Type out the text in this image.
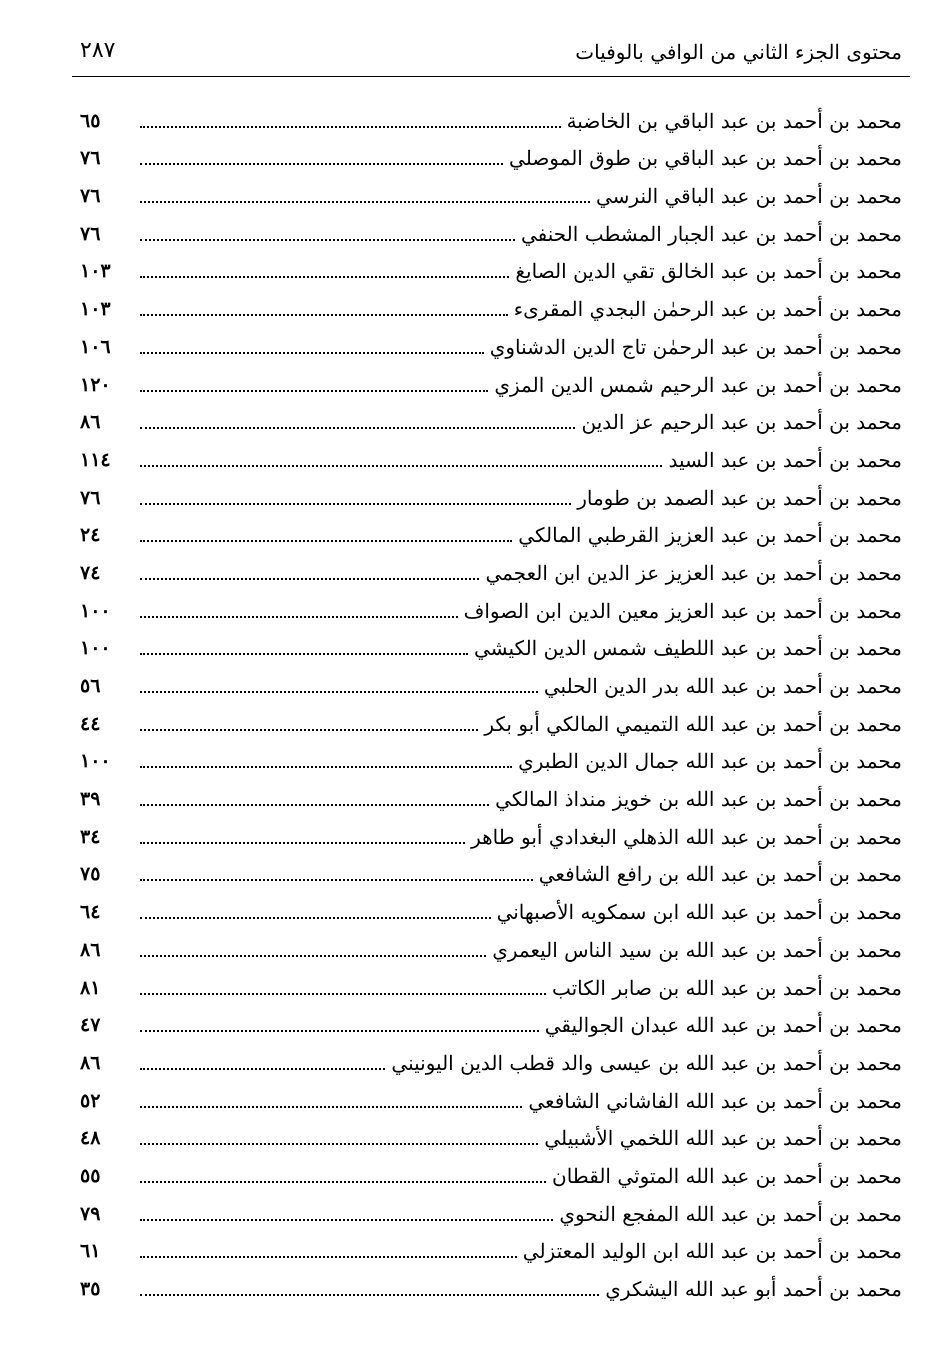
محتوى الجزء الثاني من الوافي بالوفيات
٢٨٧
محمد بن أحمد بن عبد الباقي بن الخاضبة
٦٥
محمد بن أحمد بن عبد الباقي بن طوق الموصلي
٧٦
محمد بن أحمد بن عبد الباقي النرسي
٧٦
محمد بن أحمد بن عبد الجبار المشطب الحنفي
٧٦
محمد بن أحمد بن عبد الخالق تقي الدين الصايغ
١٠٣
محمد بن أحمد بن عبد الرحمٰن البجدي المقرىء
١٠٣
محمد بن أحمد بن عبد الرحمٰن تاج الدين الدشناوي
١٠٦
محمد بن أحمد بن عبد الرحيم شمس الدين المزي
١٢٠
محمد بن أحمد بن عبد الرحيم عز الدين
٨٦
محمد بن أحمد بن عبد السيد
١١٤
محمد بن أحمد بن عبد الصمد بن طومار
٧٦
محمد بن أحمد بن عبد العزيز القرطبي المالكي
٢٤
محمد بن أحمد بن عبد العزيز عز الدين ابن العجمي
٧٤
محمد بن أحمد بن عبد العزيز معين الدين ابن الصواف
١٠٠
محمد بن أحمد بن عبد اللطيف شمس الدين الكيشي
١٠٠
محمد بن أحمد بن عبد الله بدر الدين الحلبي
٥٦
محمد بن أحمد بن عبد الله التميمي المالكي أبو بكر
٤٤
محمد بن أحمد بن عبد الله جمال الدين الطبري
١٠٠
محمد بن أحمد بن عبد الله بن خويز منداذ المالكي
٣٩
محمد بن أحمد بن عبد الله الذهلي البغدادي أبو طاهر
٣٤
محمد بن أحمد بن عبد الله بن رافع الشافعي
٧٥
محمد بن أحمد بن عبد الله ابن سمكويه الأصبهاني
٦٤
محمد بن أحمد بن عبد الله بن سيد الناس اليعمري
٨٦
محمد بن أحمد بن عبد الله بن صابر الكاتب
٨١
محمد بن أحمد بن عبد الله عبدان الجواليقي
٤٧
محمد بن أحمد بن عبد الله بن عيسى والد قطب الدين اليونيني
٨٦
محمد بن أحمد بن عبد الله الفاشاني الشافعي
٥٢
محمد بن أحمد بن عبد الله اللخمي الأشبيلي
٤٨
محمد بن أحمد بن عبد الله المتوثي القطان
٥٥
محمد بن أحمد بن عبد الله المفجع النحوي
٧٩
محمد بن أحمد بن عبد الله ابن الوليد المعتزلي
٦١
محمد بن أحمد أبو عبد الله اليشكري
٣٥
